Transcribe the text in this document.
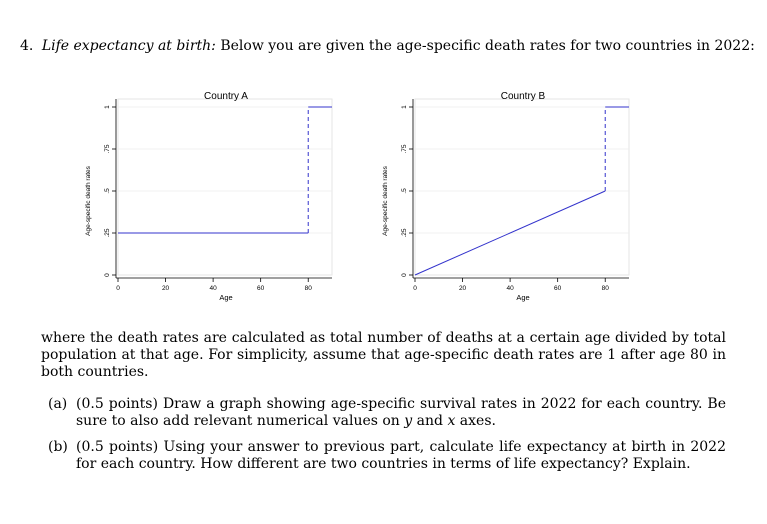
4. Life expectancy at birth: Below you are given the age-specific death rates for two countries in 2022:
0
.25
.5
.75
1
0	20	40	60	80
Country A
Age
Age-specific death rates
0
.25
.5
.75
1
0	20	40	60	80
Country B
Age
Age-specific death rates
where the death rates are calculated as total number of deaths at a certain age divided by total population at that age. For simplicity, assume that age-specific death rates are 1 after age 80 in both countries.
(a) (0.5 points) Draw a graph showing age-specific survival rates in 2022 for each country. Be sure to also add relevant numerical values on y and x axes.
(b) (0.5 points) Using your answer to previous part, calculate life expectancy at birth in 2022 for each country. How different are two countries in terms of life expectancy? Explain.
